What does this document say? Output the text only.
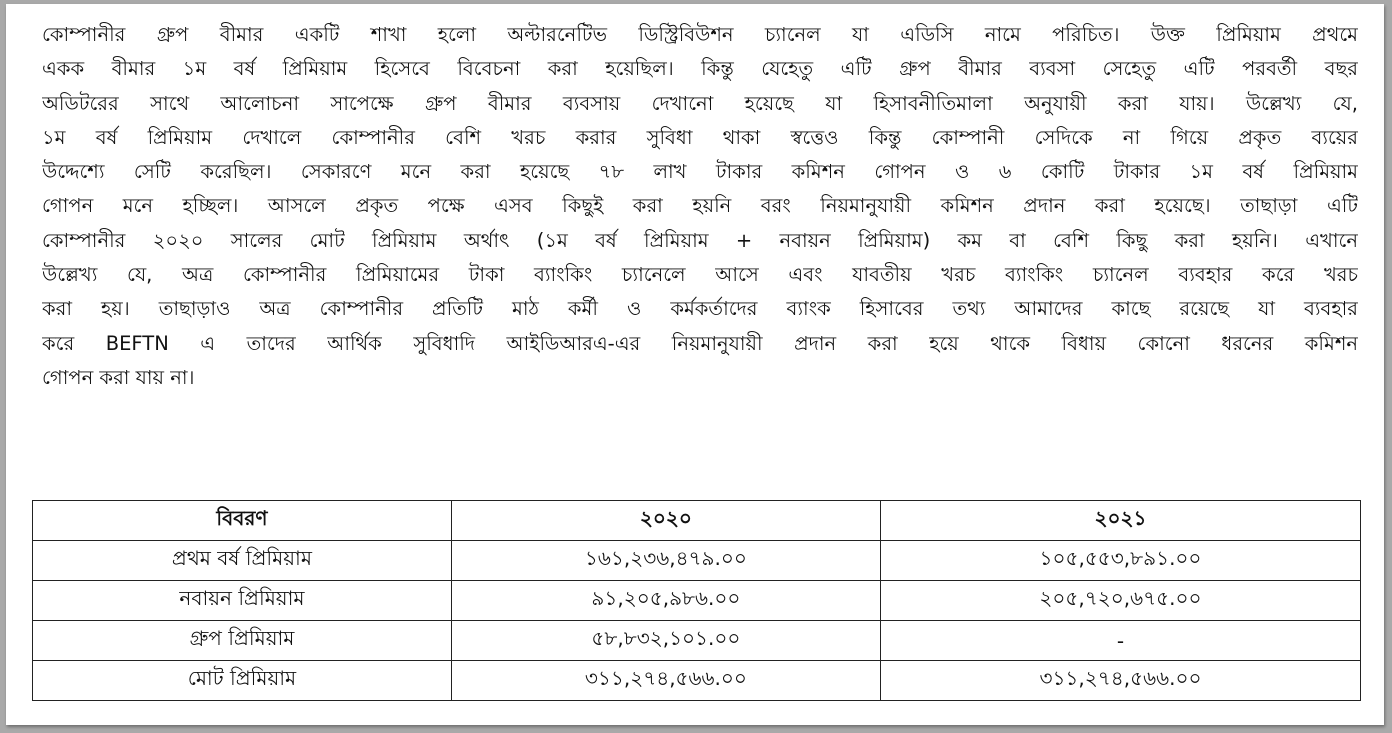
কোম্পানীর গ্রুপ বীমার একটি শাখা হলো অল্টারনেটিভ ডিস্ট্রিবিউশন চ্যানেল যা এডিসি নামে পরিচিত। উক্ত প্রিমিয়াম প্রথমে
একক বীমার ১ম বর্ষ প্রিমিয়াম হিসেবে বিবেচনা করা হয়েছিল। কিন্তু যেহেতু এটি গ্রুপ বীমার ব্যবসা সেহেতু এটি পরবর্তী বছর
অডিটরের সাথে আলোচনা সাপেক্ষে গ্রুপ বীমার ব্যবসায় দেখানো হয়েছে যা হিসাবনীতিমালা অনুযায়ী করা যায়। উল্লেখ্য যে,
১ম বর্ষ প্রিমিয়াম দেখালে কোম্পানীর বেশি খরচ করার সুবিধা থাকা স্বত্তেও কিন্তু কোম্পানী সেদিকে না গিয়ে প্রকৃত ব্যয়ের
উদ্দেশ্যে সেটি করেছিল। সেকারণে মনে করা হয়েছে ৭৮ লাখ টাকার কমিশন গোপন ও ৬ কোটি টাকার ১ম বর্ষ প্রিমিয়াম
গোপন মনে হচ্ছিল। আসলে প্রকৃত পক্ষে এসব কিছুই করা হয়নি বরং নিয়মানুযায়ী কমিশন প্রদান করা হয়েছে। তাছাড়া এটি
কোম্পানীর ২০২০ সালের মোট প্রিমিয়াম অর্থাৎ (১ম বর্ষ প্রিমিয়াম + নবায়ন প্রিমিয়াম) কম বা বেশি কিছু করা হয়নি। এখানে
উল্লেখ্য যে, অত্র কোম্পানীর প্রিমিয়ামের টাকা ব্যাংকিং চ্যানেলে আসে এবং যাবতীয় খরচ ব্যাংকিং চ্যানেল ব্যবহার করে খরচ
করা হয়। তাছাড়াও অত্র কোম্পানীর প্রতিটি মাঠ কর্মী ও কর্মকর্তাদের ব্যাংক হিসাবের তথ্য আমাদের কাছে রয়েছে যা ব্যবহার
করে BEFTN এ তাদের আর্থিক সুবিধাদি আইডিআরএ-এর নিয়মানুযায়ী প্রদান করা হয়ে থাকে বিধায় কোনো ধরনের কমিশন
গোপন করা যায় না।
বিবরণ	২০২০	২০২১
প্রথম বর্ষ প্রিমিয়াম	১৬১,২৩৬,৪৭৯.০০	১০৫,৫৫৩,৮৯১.০০
নবায়ন প্রিমিয়াম	৯১,২০৫,৯৮৬.০০	২০৫,৭২০,৬৭৫.০০
গ্রুপ প্রিমিয়াম	৫৮,৮৩২,১০১.০০	-
মোট প্রিমিয়াম	৩১১,২৭৪,৫৬৬.০০	৩১১,২৭৪,৫৬৬.০০
